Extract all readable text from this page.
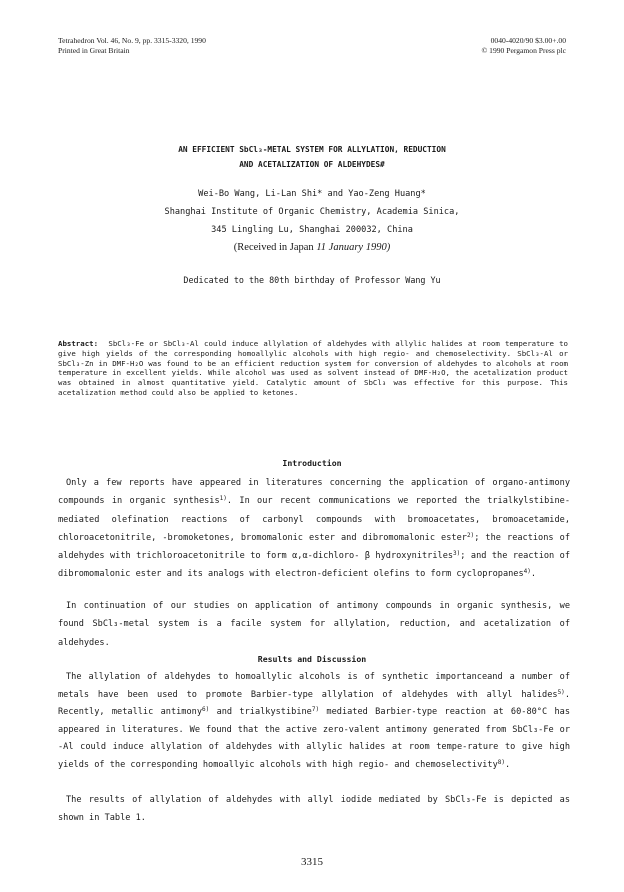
Tetrahedron Vol. 46, No. 9, pp. 3315-3320, 1990
Printed in Great Britain
0040-4020/90 $3.00+.00
© 1990 Pergamon Press plc
AN EFFICIENT SbCl₃-METAL SYSTEM FOR ALLYLATION, REDUCTION
AND ACETALIZATION OF ALDEHYDES#
Wei-Bo Wang, Li-Lan Shi* and Yao-Zeng Huang*
Shanghai Institute of Organic Chemistry, Academia Sinica,
345 Lingling Lu, Shanghai 200032, China
(Received in Japan 11 January 1990)
Dedicated to the 80th birthday of Professor Wang Yu
Abstract: SbCl₃-Fe or SbCl₃-Al could induce allylation of aldehydes with allylic halides at room temperature to give high yields of the corresponding homoallylic alcohols with high regio- and chemoselectivity. SbCl₃-Al or SbCl₃-Zn in DMF-H₂O was found to be an efficient reduction system for conversion of aldehydes to alcohols at room temperature in excellent yields. While alcohol was used as solvent instead of DMF-H₂O, the acetalization product was obtained in almost quantitative yield. Catalytic amount of SbCl₃ was effective for this purpose. This acetalization method could also be applied to ketones.
Introduction
Only a few reports have appeared in literatures concerning the application of organo-antimony compounds in organic synthesis$^{1)}$. In our recent communications we reported the trialkylstibine-mediated olefination reactions of carbonyl compounds with bromoacetates, bromoacetamide, chloroacetonitrile, -bromoketones, bromomalonic ester and dibromomalonic ester$^{2)}$; the reactions of aldehydes with trichloroacetonitrile to form α,α-dichloro- β hydroxynitriles$^{3)}$; and the reaction of dibromomalonic ester and its analogs with electron-deficient olefins to form cyclopropanes$^{4)}$.
In continuation of our studies on application of antimony compounds in organic synthesis, we found SbCl₃-metal system is a facile system for allylation, reduction, and acetalization of aldehydes.
Results and Discussion
The allylation of aldehydes to homoallylic alcohols is of synthetic importanceand a number of metals have been used to promote Barbier-type allylation of aldehydes with allyl halides$^{5)}$. Recently, metallic antimony$^{6)}$ and trialkystibine$^{7)}$ mediated Barbier-type reaction at 60-80°C has appeared in literatures. We found that the active zero-valent antimony generated from SbCl₃-Fe or -Al could induce allylation of aldehydes with allylic halides at room tempe-rature to give high yields of the corresponding homoallyic alcohols with high regio- and chemoselectivity$^{8)}$.
The results of allylation of aldehydes with allyl iodide mediated by SbCl₃-Fe is depicted as shown in Table 1.
3315
